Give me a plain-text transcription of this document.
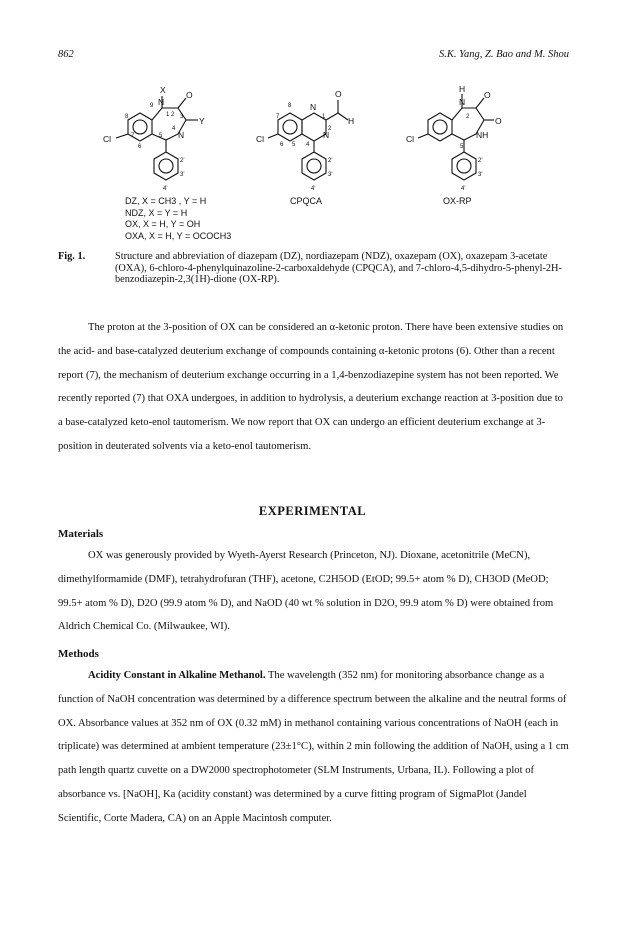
862	S.K. Yang, Z. Bao and M. Shou
N
X O
Y
N
Cl
9
1 2 3
4
5
7
6
8
2'
3'
4'
N
N
O
H
Cl
8
7
6 5 4
1
2
2'
3'
4'
N
H
O
O
NH
Cl
2
5
2'
3'
4'
CPQCA	OX-RP
DZ, X = CH3 , Y = H
NDZ, X = Y = H
OX, X = H, Y = OH
OXA, X = H, Y = OCOCH3
Fig. 1.	Structure and abbreviation of diazepam (DZ), nordiazepam (NDZ), oxazepam (OX), oxazepam 3-acetate (OXA), 6-chloro-4-phenylquinazoline-2-carboxaldehyde (CPQCA), and 7-chloro-4,5-dihydro-5-phenyl-2H-benzodiazepin-2,3(1H)-dione (OX-RP).

The proton at the 3-position of OX can be considered an α-ketonic proton. There have been extensive studies on the acid- and base-catalyzed deuterium exchange of compounds containing α-ketonic protons (6). Other than a recent report (7), the mechanism of deuterium exchange occurring in a 1,4-benzodiazepine system has not been reported. We recently reported (7) that OXA undergoes, in addition to hydrolysis, a deuterium exchange reaction at 3-position due to a base-catalyzed keto-enol tautomerism. We now report that OX can undergo an efficient deuterium exchange at 3-position in deuterated solvents via a keto-enol tautomerism.

EXPERIMENTAL
Materials

OX was generously provided by Wyeth-Ayerst Research (Princeton, NJ). Dioxane, acetonitrile (MeCN), dimethylformamide (DMF), tetrahydrofuran (THF), acetone, C2H5OD (EtOD; 99.5+ atom % D), CH3OD (MeOD; 99.5+ atom % D), D2O (99.9 atom % D), and NaOD (40 wt % solution in D2O, 99.9 atom % D) were obtained from Aldrich Chemical Co. (Milwaukee, WI).

Methods

Acidity Constant in Alkaline Methanol. The wavelength (352 nm) for monitoring absorbance change as a function of NaOH concentration was determined by a difference spectrum between the alkaline and the neutral forms of OX. Absorbance values at 352 nm of OX (0.32 mM) in methanol containing various concentrations of NaOH (each in triplicate) was determined at ambient temperature (23±1°C), within 2 min following the addition of NaOH, using a 1 cm path length quartz cuvette on a DW2000 spectrophotometer (SLM Instruments, Urbana, IL). Following a plot of absorbance vs. [NaOH], Ka (acidity constant) was determined by a curve fitting program of SigmaPlot (Jandel Scientific, Corte Madera, CA) on an Apple Macintosh computer.
